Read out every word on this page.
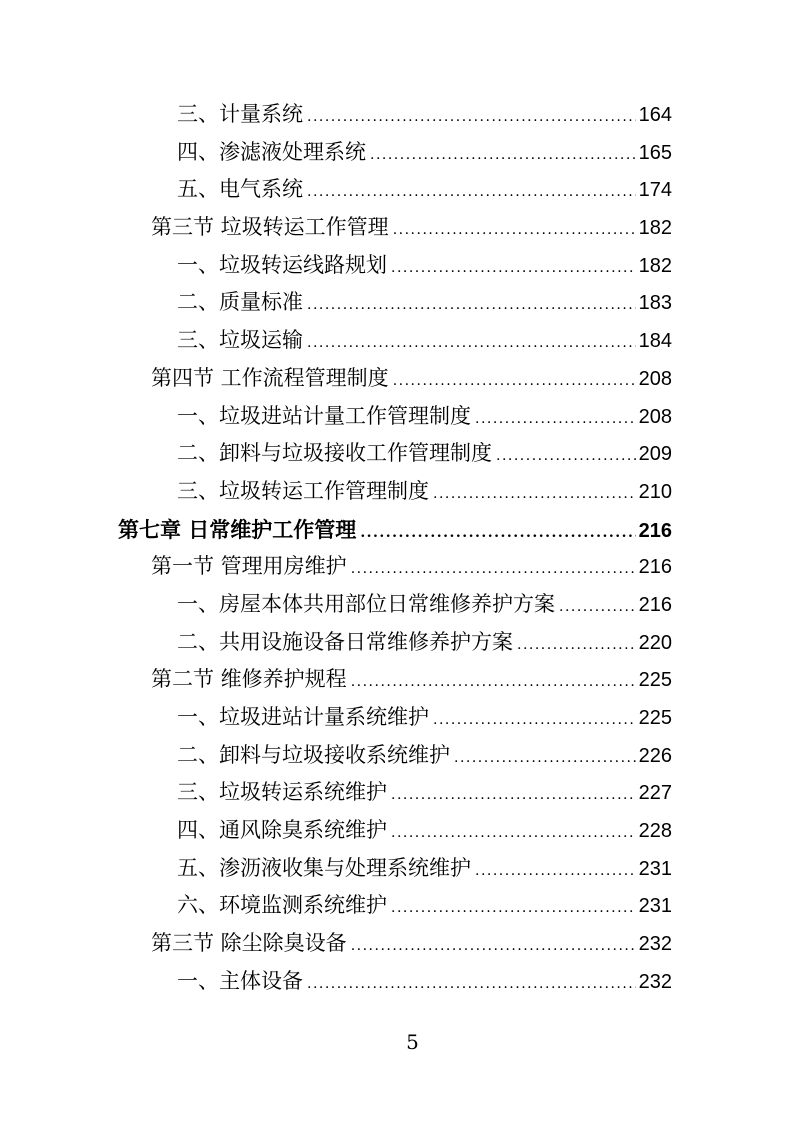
三、计量系统 .....	164
四、渗滤液处理系统 .....	165
五、电气系统 .....	174
第三节 垃圾转运工作管理 .....	182
一、垃圾转运线路规划 .....	182
二、质量标准 .....	183
三、垃圾运输 .....	184
第四节 工作流程管理制度 .....	208
一、垃圾进站计量工作管理制度 .....	208
二、卸料与垃圾接收工作管理制度 .....	209
三、垃圾转运工作管理制度 .....	210
第七章 日常维护工作管理 .....	216
第一节 管理用房维护 .....	216
一、房屋本体共用部位日常维修养护方案 .....	216
二、共用设施设备日常维修养护方案 .....	220
第二节 维修养护规程 .....	225
一、垃圾进站计量系统维护 .....	225
二、卸料与垃圾接收系统维护 .....	226
三、垃圾转运系统维护 .....	227
四、通风除臭系统维护 .....	228
五、渗沥液收集与处理系统维护 .....	231
六、环境监测系统维护 .....	231
第三节 除尘除臭设备 .....	232
一、主体设备 .....	232
5
